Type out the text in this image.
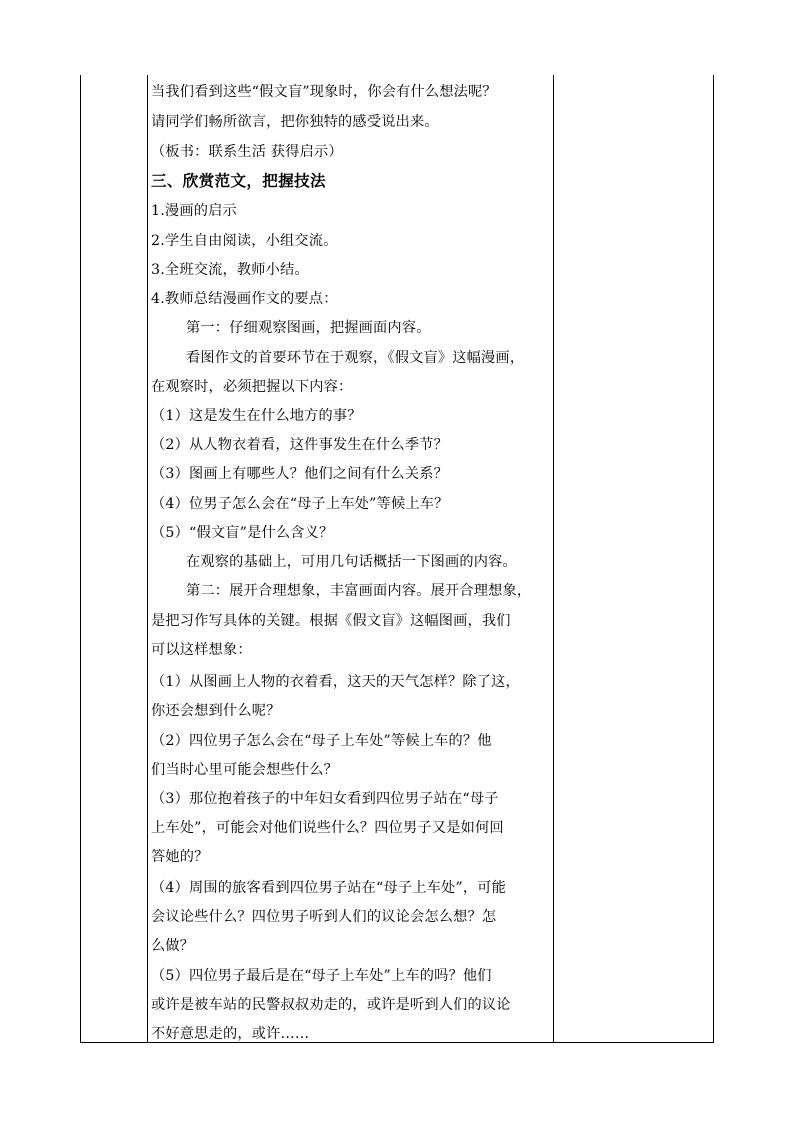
当我们看到这些“假文盲”现象时，你会有什么想法呢？
请同学们畅所欲言，把你独特的感受说出来。
（板书：联系生活 获得启示）
三、欣赏范文，把握技法
1.漫画的启示
2.学生自由阅读，小组交流。
3.全班交流，教师小结。
4.教师总结漫画作文的要点：
第一：仔细观察图画，把握画面内容。
看图作文的首要环节在于观察，《假文盲》这幅漫画，
在观察时，必须把握以下内容：
（1）这是发生在什么地方的事？
（2）从人物衣着看，这件事发生在什么季节？
（3）图画上有哪些人？他们之间有什么关系？
（4）位男子怎么会在“母子上车处”等候上车？
（5）“假文盲”是什么含义？
在观察的基础上，可用几句话概括一下图画的内容。
第二：展开合理想象，丰富画面内容。展开合理想象，
是把习作写具体的关键。根据《假文盲》这幅图画，我们
可以这样想象：
（1）从图画上人物的衣着看，这天的天气怎样？除了这，
你还会想到什么呢？
（2）四位男子怎么会在“母子上车处”等候上车的？他
们当时心里可能会想些什么？
（3）那位抱着孩子的中年妇女看到四位男子站在“母子
上车处”，可能会对他们说些什么？四位男子又是如何回
答她的？
（4）周围的旅客看到四位男子站在“母子上车处”，可能
会议论些什么？四位男子听到人们的议论会怎么想？怎
么做？
（5）四位男子最后是在“母子上车处”上车的吗？他们
或许是被车站的民警叔叔劝走的，或许是听到人们的议论
不好意思走的，或许……
